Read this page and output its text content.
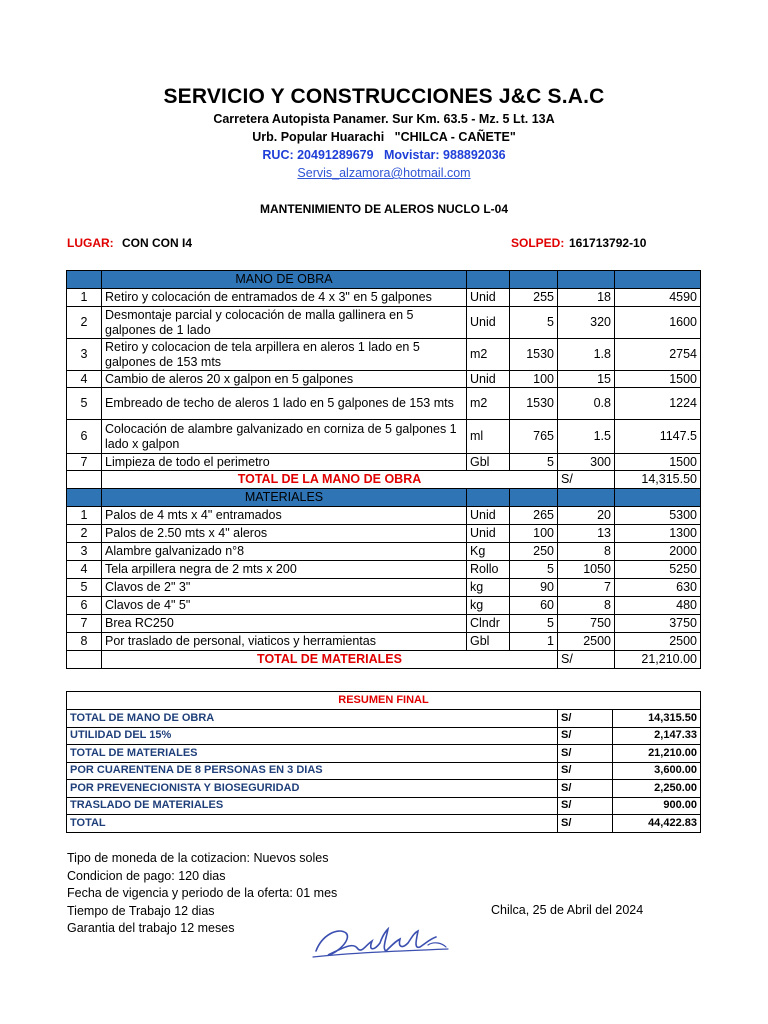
SERVICIO Y CONSTRUCCIONES J&C S.A.C
Carretera Autopista Panamer. Sur Km. 63.5 - Mz. 5 Lt. 13A
Urb. Popular Huarachi   "CHILCA - CAÑETE"
RUC: 20491289679   Movistar: 988892036
Servis_alzamora@hotmail.com
MANTENIMIENTO DE ALEROS NUCLO L-04
LUGAR: CON CON I4	SOLPED: 161713792-10
	MANO DE OBRA				
1	Retiro y colocación de entramados de 4 x 3" en 5 galpones	Unid	255	18	4590
2	Desmontaje parcial y colocación de malla gallinera en 5 galpones de 1 lado	Unid	5	320	1600
3	Retiro y colocacion de tela arpillera en aleros 1 lado en 5 galpones de 153 mts	m2	1530	1.8	2754
4	Cambio de aleros 20 x galpon en 5 galpones	Unid	100	15	1500
5	Embreado de techo de aleros 1 lado en 5 galpones de 153 mts	m2	1530	0.8	1224
6	Colocación de alambre galvanizado en corniza de 5 galpones 1 lado x galpon	ml	765	1.5	1147.5
7	Limpieza de todo el perimetro	Gbl	5	300	1500
	TOTAL DE LA MANO DE OBRA			S/	14,315.50
	MATERIALES				
1	Palos de 4 mts x 4" entramados	Unid	265	20	5300
2	Palos de 2.50 mts x 4" aleros	Unid	100	13	1300
3	Alambre galvanizado n°8	Kg	250	8	2000
4	Tela arpillera negra de 2 mts x 200	Rollo	5	1050	5250
5	Clavos de 2" 3"	kg	90	7	630
6	Clavos de 4" 5"	kg	60	8	480
7	Brea RC250	Clndr	5	750	3750
8	Por traslado de personal, viaticos y herramientas	Gbl	1	2500	2500
	TOTAL DE MATERIALES			S/	21,210.00
RESUMEN FINAL		
TOTAL DE MANO DE OBRA	S/	14,315.50
UTILIDAD DEL 15%	S/	2,147.33
TOTAL DE MATERIALES	S/	21,210.00
POR CUARENTENA DE 8 PERSONAS EN 3 DIAS	S/	3,600.00
POR PREVENECIONISTA Y BIOSEGURIDAD	S/	2,250.00
TRASLADO DE MATERIALES	S/	900.00
TOTAL	S/	44,422.83
Tipo de moneda de la cotizacion: Nuevos soles
Condicion de pago: 120 dias
Fecha de vigencia y periodo de la oferta: 01 mes
Tiempo de Trabajo 12 dias
Garantia del trabajo 12 meses
Chilca, 25 de Abril del 2024
